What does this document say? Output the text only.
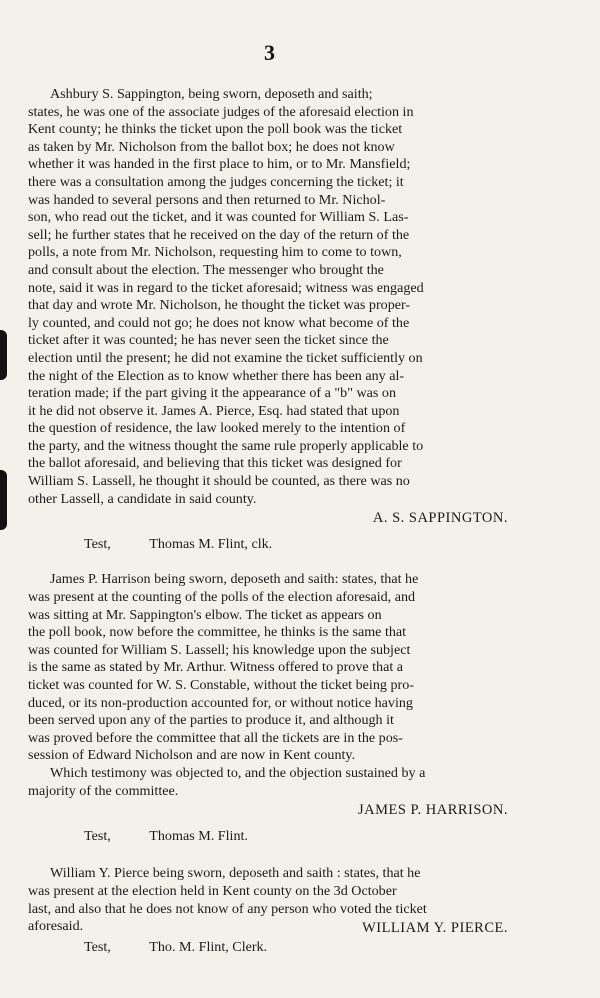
3
Ashbury S. Sappington, being sworn, deposeth and saith;
states, he was one of the associate judges of the aforesaid election in
Kent county; he thinks the ticket upon the poll book was the ticket
as taken by Mr. Nicholson from the ballot box; he does not know
whether it was handed in the first place to him, or to Mr. Mansfield;
there was a consultation among the judges concerning the ticket; it
was handed to several persons and then returned to Mr. Nichol-
son, who read out the ticket, and it was counted for William S. Las-
sell; he further states that he received on the day of the return of the
polls, a note from Mr. Nicholson, requesting him to come to town,
and consult about the election. The messenger who brought the
note, said it was in regard to the ticket aforesaid; witness was engaged
that day and wrote Mr. Nicholson, he thought the ticket was proper-
ly counted, and could not go; he does not know what become of the
ticket after it was counted; he has never seen the ticket since the
election until the present; he did not examine the ticket sufficiently on
the night of the Election as to know whether there has been any al-
teration made; if the part giving it the appearance of a "b" was on
it he did not observe it. James A. Pierce, Esq. had stated that upon
the question of residence, the law looked merely to the intention of
the party, and the witness thought the same rule properly applicable to
the ballot aforesaid, and believing that this ticket was designed for
William S. Lassell, he thought it should be counted, as there was no
other Lassell, a candidate in said county.
A. S. SAPPINGTON.
Test,	Thomas M. Flint, clk.
James P. Harrison being sworn, deposeth and saith: states, that he
was present at the counting of the polls of the election aforesaid, and
was sitting at Mr. Sappington's elbow. The ticket as appears on
the poll book, now before the committee, he thinks is the same that
was counted for William S. Lassell; his knowledge upon the subject
is the same as stated by Mr. Arthur. Witness offered to prove that a
ticket was counted for W. S. Constable, without the ticket being pro-
duced, or its non-production accounted for, or without notice having
been served upon any of the parties to produce it, and although it
was proved before the committee that all the tickets are in the pos-
session of Edward Nicholson and are now in Kent county.
Which testimony was objected to, and the objection sustained by a
majority of the committee.
JAMES P. HARRISON.
Test,	Thomas M. Flint.
William Y. Pierce being sworn, deposeth and saith : states, that he
was present at the election held in Kent county on the 3d October
last, and also that he does not know of any person who voted the ticket
aforesaid.	WILLIAM Y. PIERCE.
Test,	Tho. M. Flint, Clerk.
